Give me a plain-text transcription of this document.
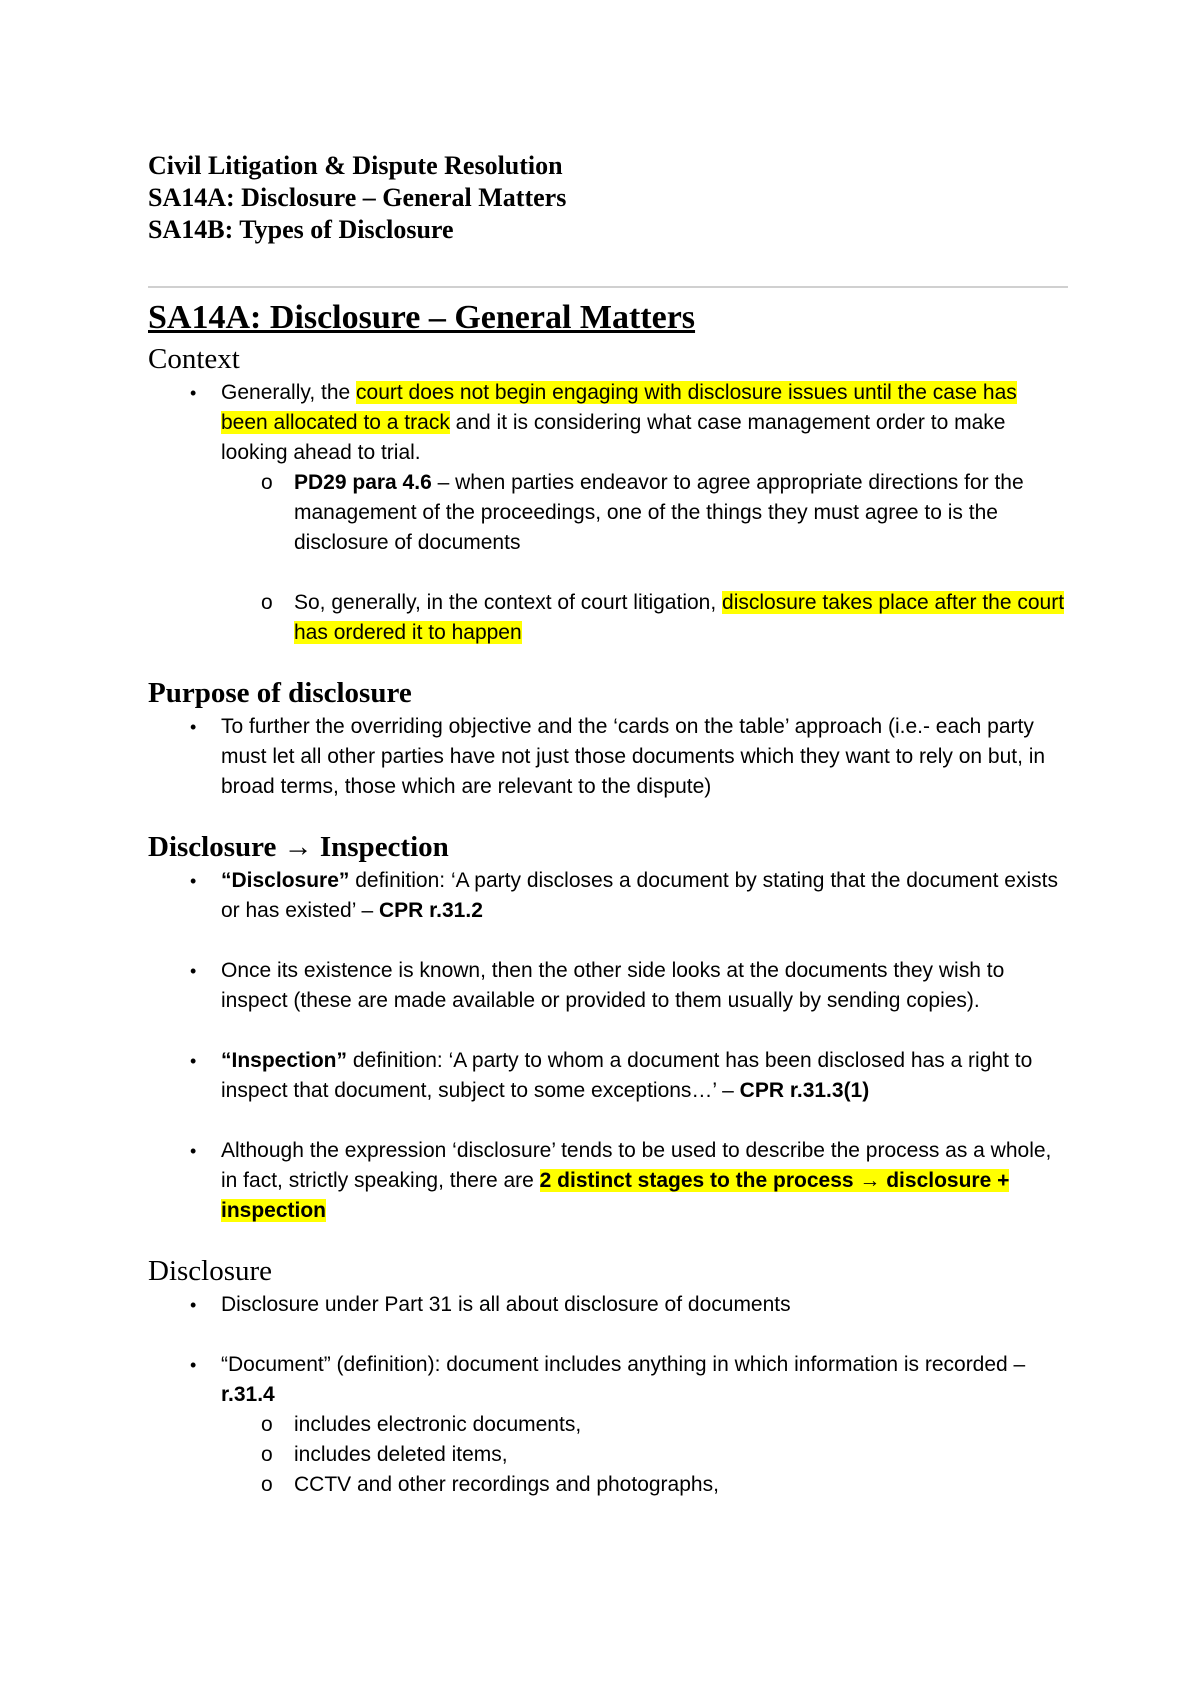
Civil Litigation & Dispute Resolution
SA14A: Disclosure – General Matters
SA14B: Types of Disclosure
SA14A: Disclosure – General Matters
Context
• Generally, the court does not begin engaging with disclosure issues until the case has been allocated to a track and it is considering what case management order to make looking ahead to trial.
o PD29 para 4.6 – when parties endeavor to agree appropriate directions for the management of the proceedings, one of the things they must agree to is the disclosure of documents
o So, generally, in the context of court litigation, disclosure takes place after the court has ordered it to happen
Purpose of disclosure
• To further the overriding objective and the ‘cards on the table’ approach (i.e.- each party must let all other parties have not just those documents which they want to rely on but, in broad terms, those which are relevant to the dispute)
Disclosure → Inspection
• “Disclosure” definition: ‘A party discloses a document by stating that the document exists or has existed’ – CPR r.31.2
• Once its existence is known, then the other side looks at the documents they wish to inspect (these are made available or provided to them usually by sending copies).
• “Inspection” definition: ‘A party to whom a document has been disclosed has a right to inspect that document, subject to some exceptions…’ – CPR r.31.3(1)
• Although the expression ‘disclosure’ tends to be used to describe the process as a whole, in fact, strictly speaking, there are 2 distinct stages to the process → disclosure + inspection
Disclosure
• Disclosure under Part 31 is all about disclosure of documents
• “Document” (definition): document includes anything in which information is recorded – r.31.4
o includes electronic documents,
o includes deleted items,
o CCTV and other recordings and photographs,
